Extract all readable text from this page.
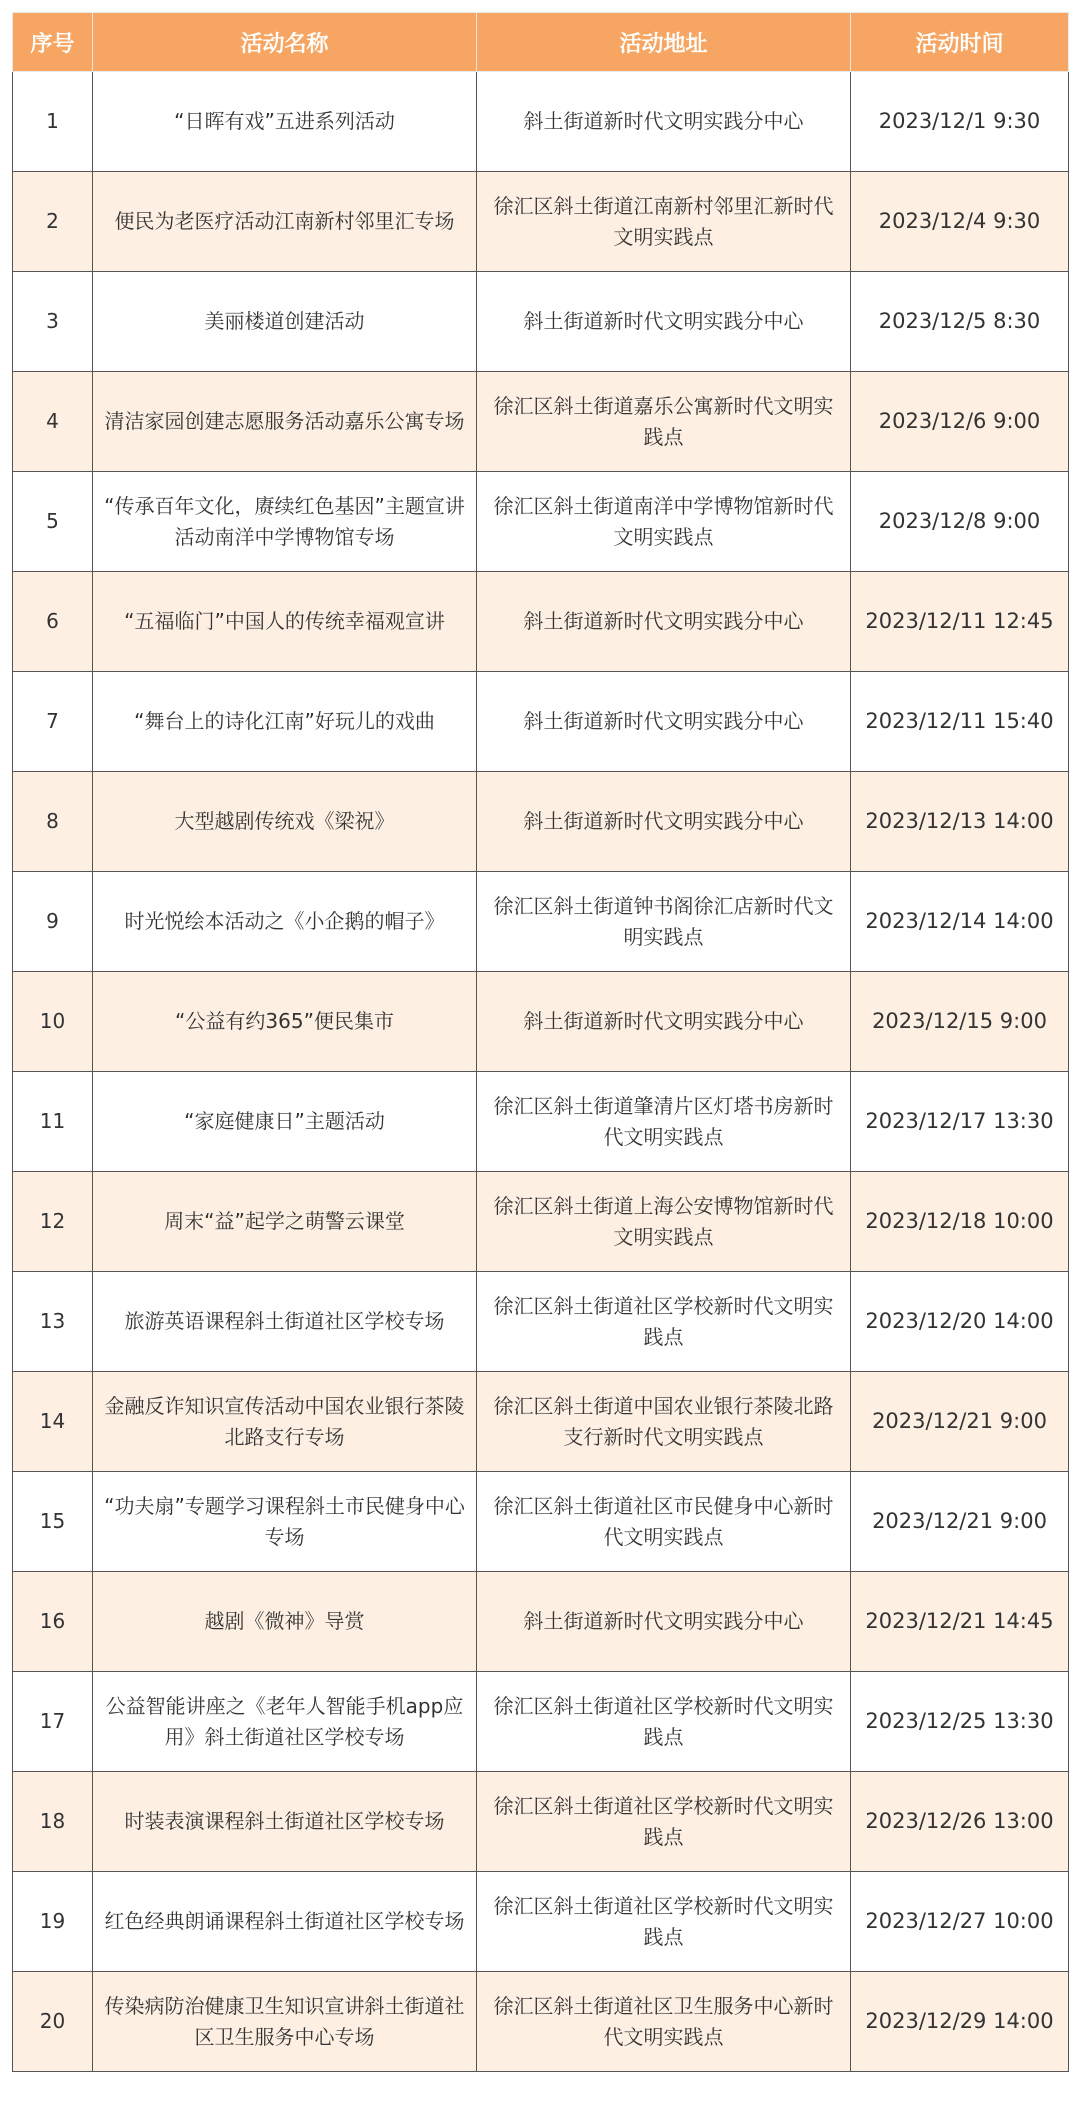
序号	活动名称	活动地址	活动时间
1	“日晖有戏”五进系列活动	斜土街道新时代文明实践分中心	2023/12/1 9:30
2	便民为老医疗活动江南新村邻里汇专场	徐汇区斜土街道江南新村邻里汇新时代文明实践点	2023/12/4 9:30
3	美丽楼道创建活动	斜土街道新时代文明实践分中心	2023/12/5 8:30
4	清洁家园创建志愿服务活动嘉乐公寓专场	徐汇区斜土街道嘉乐公寓新时代文明实践点	2023/12/6 9:00
5	“传承百年文化，赓续红色基因”主题宣讲活动南洋中学博物馆专场	徐汇区斜土街道南洋中学博物馆新时代文明实践点	2023/12/8 9:00
6	“五福临门”中国人的传统幸福观宣讲	斜土街道新时代文明实践分中心	2023/12/11 12:45
7	“舞台上的诗化江南”好玩儿的戏曲	斜土街道新时代文明实践分中心	2023/12/11 15:40
8	大型越剧传统戏《梁祝》	斜土街道新时代文明实践分中心	2023/12/13 14:00
9	时光悦绘本活动之《小企鹅的帽子》	徐汇区斜土街道钟书阁徐汇店新时代文明实践点	2023/12/14 14:00
10	“公益有约365”便民集市	斜土街道新时代文明实践分中心	2023/12/15 9:00
11	“家庭健康日”主题活动	徐汇区斜土街道肇清片区灯塔书房新时代文明实践点	2023/12/17 13:30
12	周末“益”起学之萌警云课堂	徐汇区斜土街道上海公安博物馆新时代文明实践点	2023/12/18 10:00
13	旅游英语课程斜土街道社区学校专场	徐汇区斜土街道社区学校新时代文明实践点	2023/12/20 14:00
14	金融反诈知识宣传活动中国农业银行茶陵北路支行专场	徐汇区斜土街道中国农业银行茶陵北路支行新时代文明实践点	2023/12/21 9:00
15	“功夫扇”专题学习课程斜土市民健身中心专场	徐汇区斜土街道社区市民健身中心新时代文明实践点	2023/12/21 9:00
16	越剧《微神》导赏	斜土街道新时代文明实践分中心	2023/12/21 14:45
17	公益智能讲座之《老年人智能手机app应用》斜土街道社区学校专场	徐汇区斜土街道社区学校新时代文明实践点	2023/12/25 13:30
18	时装表演课程斜土街道社区学校专场	徐汇区斜土街道社区学校新时代文明实践点	2023/12/26 13:00
19	红色经典朗诵课程斜土街道社区学校专场	徐汇区斜土街道社区学校新时代文明实践点	2023/12/27 10:00
20	传染病防治健康卫生知识宣讲斜土街道社区卫生服务中心专场	徐汇区斜土街道社区卫生服务中心新时代文明实践点	2023/12/29 14:00
